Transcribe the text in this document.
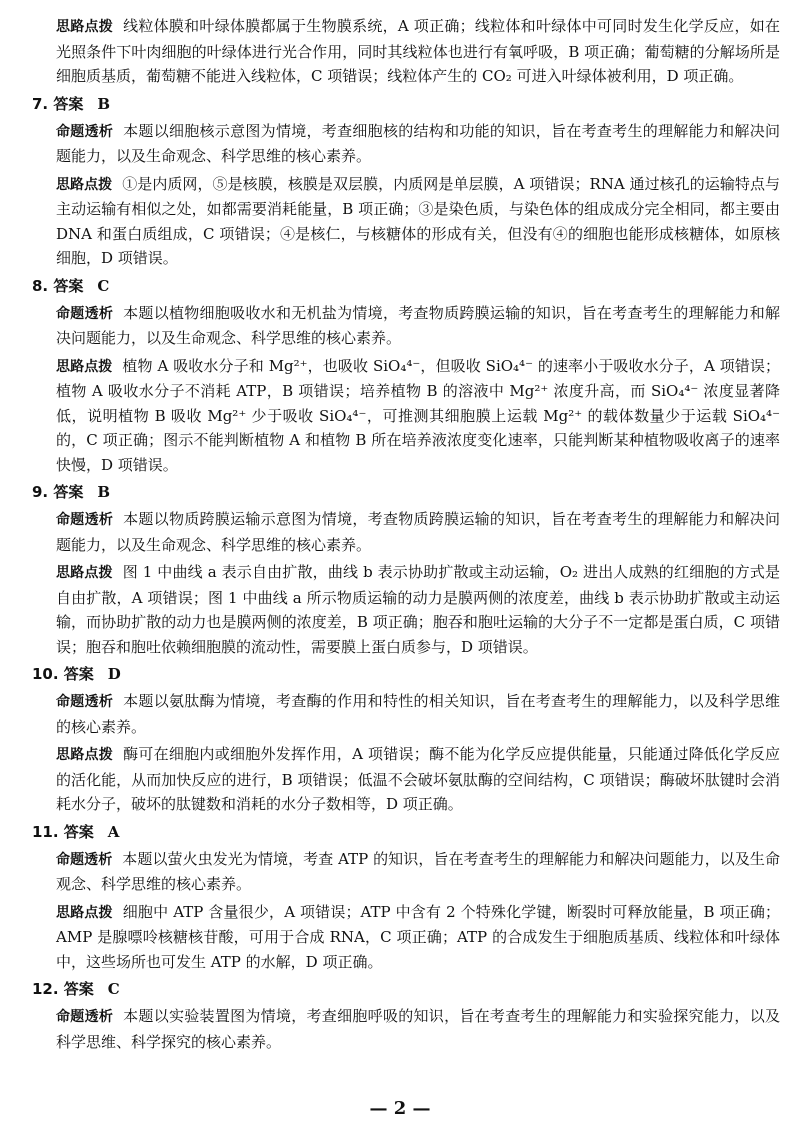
思路点拨 线粒体膜和叶绿体膜都属于生物膜系统，A 项正确；线粒体和叶绿体中可同时发生化学反应，如在光照条件下叶肉细胞的叶绿体进行光合作用，同时其线粒体也进行有氧呼吸，B 项正确；葡萄糖的分解场所是细胞质基质，葡萄糖不能进入线粒体，C 项错误；线粒体产生的 CO₂ 可进入叶绿体被利用，D 项正确。

7. 答案 B

命题透析 本题以细胞核示意图为情境，考查细胞核的结构和功能的知识，旨在考查考生的理解能力和解决问题能力，以及生命观念、科学思维的核心素养。

思路点拨 ①是内质网，⑤是核膜，核膜是双层膜，内质网是单层膜，A 项错误；RNA 通过核孔的运输特点与主动运输有相似之处，如都需要消耗能量，B 项正确；③是染色质，与染色体的组成成分完全相同，都主要由 DNA 和蛋白质组成，C 项错误；④是核仁，与核糖体的形成有关，但没有④的细胞也能形成核糖体，如原核细胞，D 项错误。

8. 答案 C

命题透析 本题以植物细胞吸收水和无机盐为情境，考查物质跨膜运输的知识，旨在考查考生的理解能力和解决问题能力，以及生命观念、科学思维的核心素养。

思路点拨 植物 A 吸收水分子和 Mg²⁺，也吸收 SiO₄⁴⁻，但吸收 SiO₄⁴⁻ 的速率小于吸收水分子，A 项错误；植物 A 吸收水分子不消耗 ATP，B 项错误；培养植物 B 的溶液中 Mg²⁺ 浓度升高，而 SiO₄⁴⁻ 浓度显著降低，说明植物 B 吸收 Mg²⁺ 少于吸收 SiO₄⁴⁻，可推测其细胞膜上运载 Mg²⁺ 的载体数量少于运载 SiO₄⁴⁻ 的，C 项正确；图示不能判断植物 A 和植物 B 所在培养液浓度变化速率，只能判断某种植物吸收离子的速率快慢，D 项错误。

9. 答案 B

命题透析 本题以物质跨膜运输示意图为情境，考查物质跨膜运输的知识，旨在考查考生的理解能力和解决问题能力，以及生命观念、科学思维的核心素养。

思路点拨 图 1 中曲线 a 表示自由扩散，曲线 b 表示协助扩散或主动运输，O₂ 进出人成熟的红细胞的方式是自由扩散，A 项错误；图 1 中曲线 a 所示物质运输的动力是膜两侧的浓度差，曲线 b 表示协助扩散或主动运输，而协助扩散的动力也是膜两侧的浓度差，B 项正确；胞吞和胞吐运输的大分子不一定都是蛋白质，C 项错误；胞吞和胞吐依赖细胞膜的流动性，需要膜上蛋白质参与，D 项错误。

10. 答案 D

命题透析 本题以氨肽酶为情境，考查酶的作用和特性的相关知识，旨在考查考生的理解能力，以及科学思维的核心素养。

思路点拨 酶可在细胞内或细胞外发挥作用，A 项错误；酶不能为化学反应提供能量，只能通过降低化学反应的活化能，从而加快反应的进行，B 项错误；低温不会破坏氨肽酶的空间结构，C 项错误；酶破坏肽键时会消耗水分子，破坏的肽键数和消耗的水分子数相等，D 项正确。

11. 答案 A

命题透析 本题以萤火虫发光为情境，考查 ATP 的知识，旨在考查考生的理解能力和解决问题能力，以及生命观念、科学思维的核心素养。

思路点拨 细胞中 ATP 含量很少，A 项错误；ATP 中含有 2 个特殊化学键，断裂时可释放能量，B 项正确；AMP 是腺嘌呤核糖核苷酸，可用于合成 RNA，C 项正确；ATP 的合成发生于细胞质基质、线粒体和叶绿体中，这些场所也可发生 ATP 的水解，D 项正确。

12. 答案 C

命题透析 本题以实验装置图为情境，考查细胞呼吸的知识，旨在考查考生的理解能力和实验探究能力，以及科学思维、科学探究的核心素养。

— 2 —
